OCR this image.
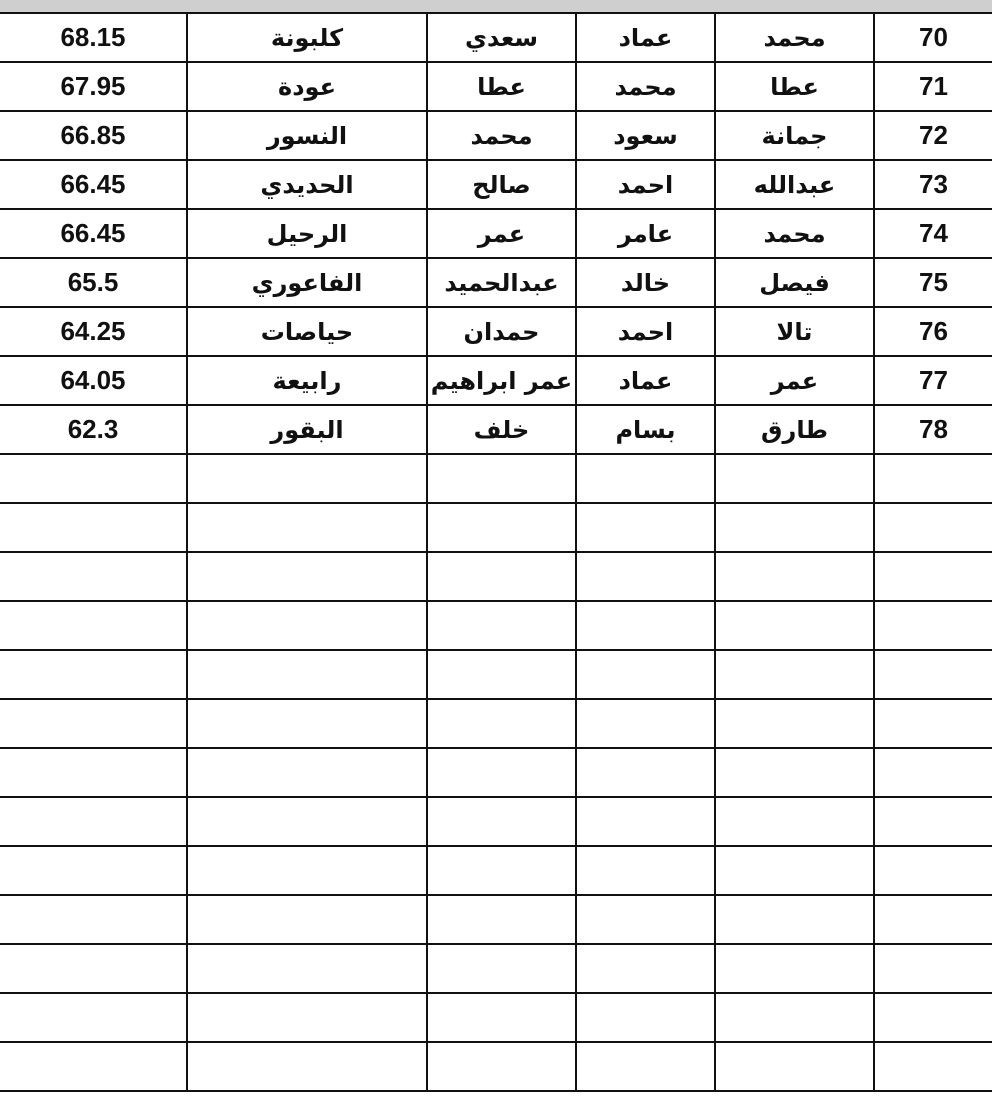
68.15	كلبونة	سعدي	عماد	محمد	70
67.95	عودة	عطا	محمد	عطا	71
66.85	النسور	محمد	سعود	جمانة	72
66.45	الحديدي	صالح	احمد	عبدالله	73
66.45	الرحيل	عمر	عامر	محمد	74
65.5	الفاعوري	عبدالحميد	خالد	فيصل	75
64.25	حياصات	حمدان	احمد	تالا	76
64.05	رابيعة	عمر ابراهيم	عماد	عمر	77
62.3	البقور	خلف	بسام	طارق	78
